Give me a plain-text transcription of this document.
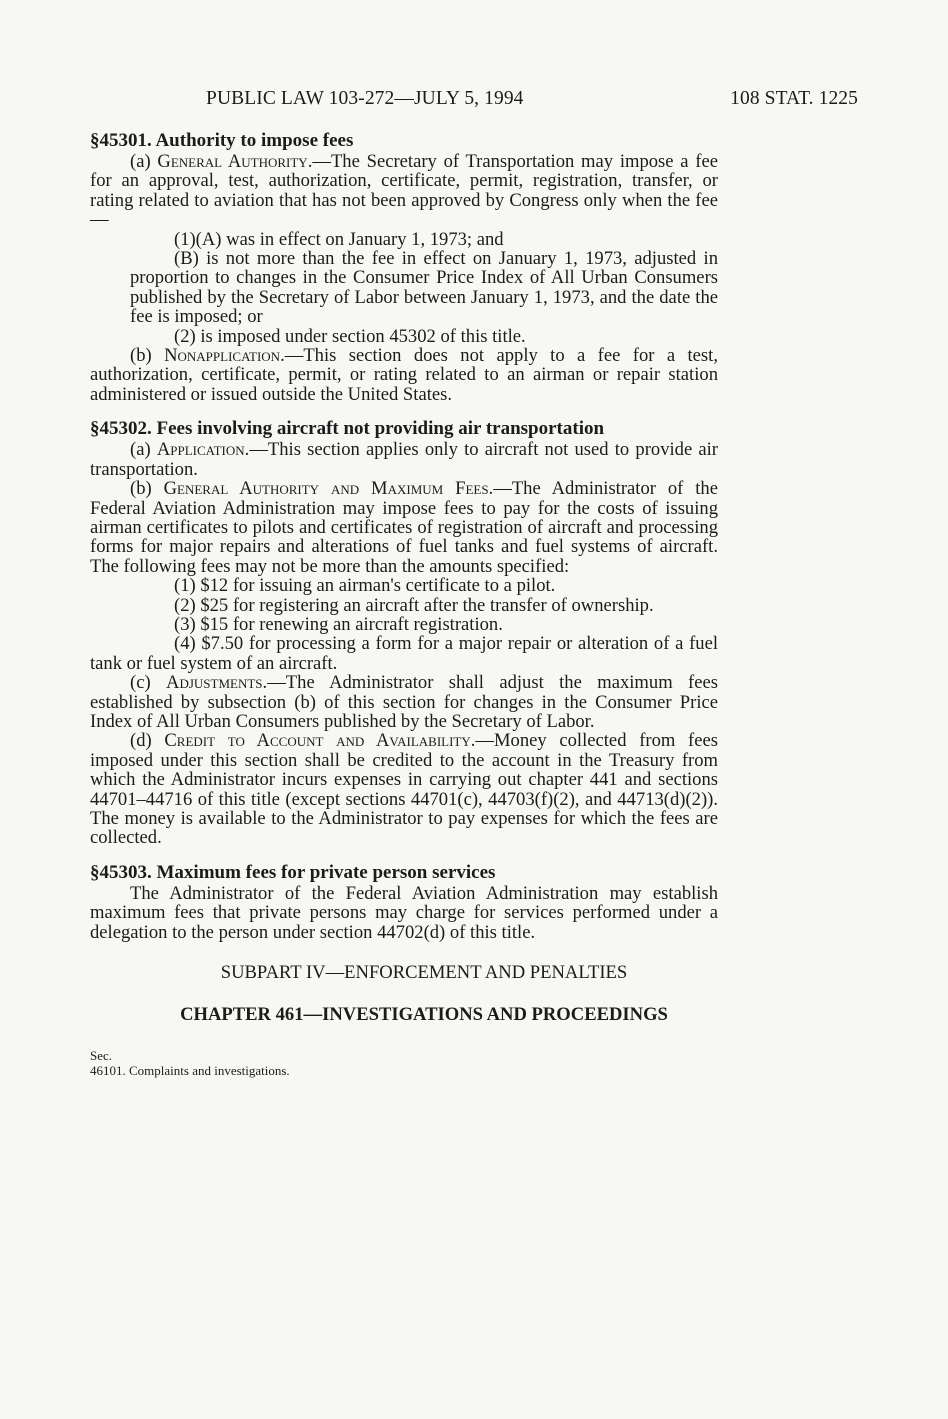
PUBLIC LAW 103-272—JULY 5, 1994	108 STAT. 1225
§45301. Authority to impose fees

(a) General Authority.—The Secretary of Transportation may impose a fee for an approval, test, authorization, certificate, permit, registration, transfer, or rating related to aviation that has not been approved by Congress only when the fee—

(1)(A) was in effect on January 1, 1973; and

(B) is not more than the fee in effect on January 1, 1973, adjusted in proportion to changes in the Consumer Price Index of All Urban Consumers published by the Secretary of Labor between January 1, 1973, and the date the fee is imposed; or

(2) is imposed under section 45302 of this title.

(b) Nonapplication.—This section does not apply to a fee for a test, authorization, certificate, permit, or rating related to an airman or repair station administered or issued outside the United States.

§45302. Fees involving aircraft not providing air transportation

(a) Application.—This section applies only to aircraft not used to provide air transportation.

(b) General Authority and Maximum Fees.—The Administrator of the Federal Aviation Administration may impose fees to pay for the costs of issuing airman certificates to pilots and certificates of registration of aircraft and processing forms for major repairs and alterations of fuel tanks and fuel systems of aircraft. The following fees may not be more than the amounts specified:

(1) $12 for issuing an airman's certificate to a pilot.

(2) $25 for registering an aircraft after the transfer of ownership.

(3) $15 for renewing an aircraft registration.

(4) $7.50 for processing a form for a major repair or alteration of a fuel tank or fuel system of an aircraft.

(c) Adjustments.—The Administrator shall adjust the maximum fees established by subsection (b) of this section for changes in the Consumer Price Index of All Urban Consumers published by the Secretary of Labor.

(d) Credit to Account and Availability.—Money collected from fees imposed under this section shall be credited to the account in the Treasury from which the Administrator incurs expenses in carrying out chapter 441 and sections 44701–44716 of this title (except sections 44701(c), 44703(f)(2), and 44713(d)(2)). The money is available to the Administrator to pay expenses for which the fees are collected.

§45303. Maximum fees for private person services

The Administrator of the Federal Aviation Administration may establish maximum fees that private persons may charge for services performed under a delegation to the person under section 44702(d) of this title.

SUBPART IV—ENFORCEMENT AND PENALTIES
CHAPTER 461—INVESTIGATIONS AND PROCEEDINGS
Sec.
46101. Complaints and investigations.
